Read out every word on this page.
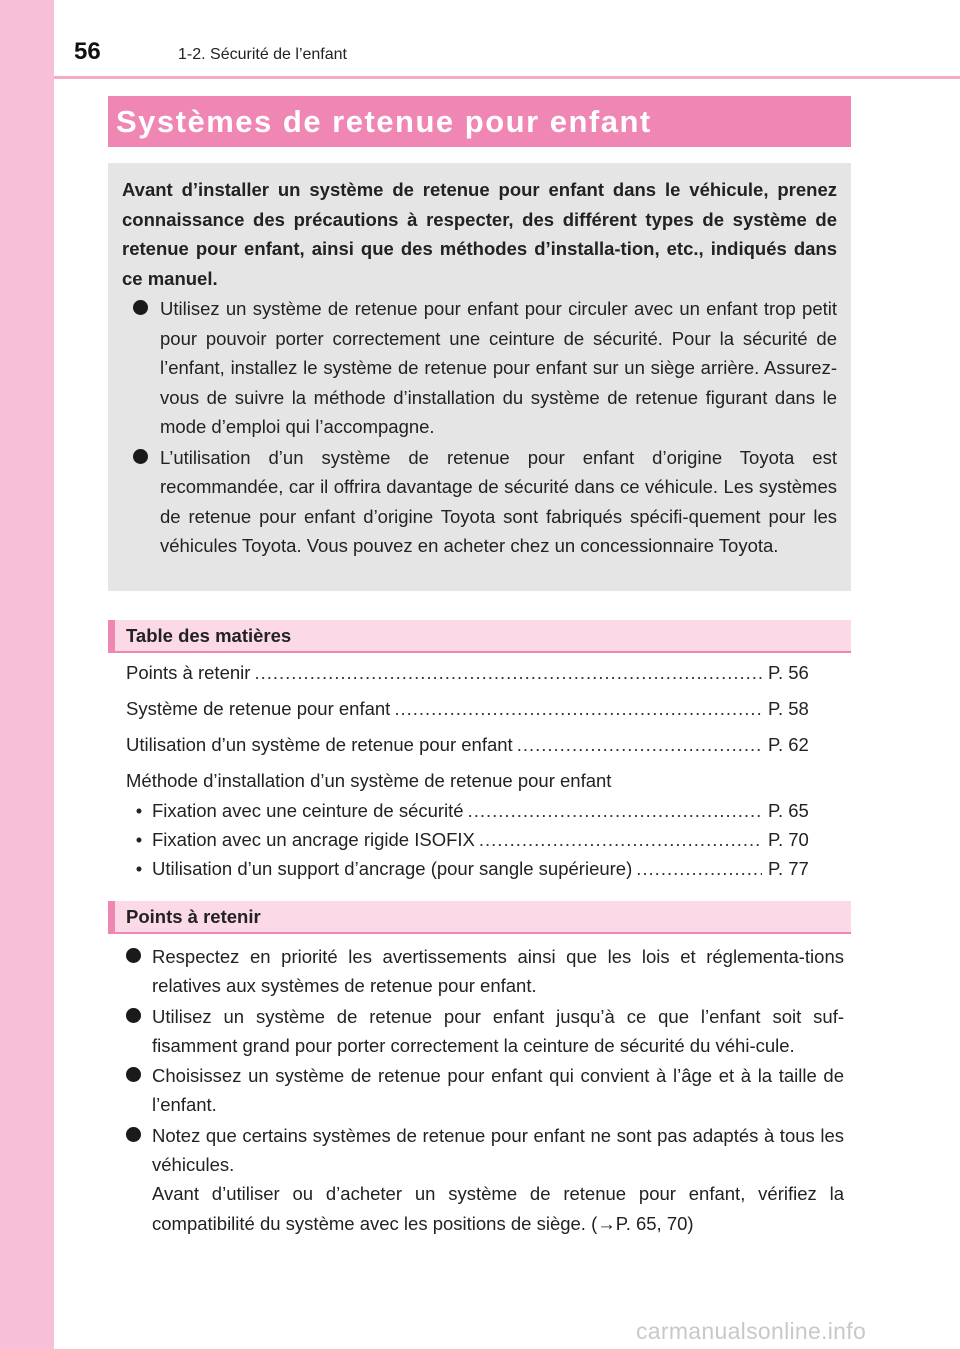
56	1-2. Sécurité de l’enfant
Systèmes de retenue pour enfant

Avant d’installer un système de retenue pour enfant dans le véhicule, prenez connaissance des précautions à respecter, des différent types de système de retenue pour enfant, ainsi que des méthodes d’installa-tion, etc., indiqués dans ce manuel.

Utilisez un système de retenue pour enfant pour circuler avec un enfant trop petit pour pouvoir porter correctement une ceinture de sécurité. Pour la sécurité de l’enfant, installez le système de retenue pour enfant sur un siège arrière. Assurez-vous de suivre la méthode d’installation du système de retenue figurant dans le mode d’emploi qui l’accompagne.
L’utilisation d’un système de retenue pour enfant d’origine Toyota est recommandée, car il offrira davantage de sécurité dans ce véhicule. Les systèmes de retenue pour enfant d’origine Toyota sont fabriqués spécifi-quement pour les véhicules Toyota. Vous pouvez en acheter chez un concessionnaire Toyota.
Table des matières
Points à retenir .....	P. 56
Système de retenue pour enfant .....	P. 58
Utilisation d’un système de retenue pour enfant .....	P. 62
Méthode d’installation d’un système de retenue pour enfant
• Fixation avec une ceinture de sécurité .....	P. 65
• Fixation avec un ancrage rigide ISOFIX .....	P. 70
• Utilisation d’un support d’ancrage (pour sangle supérieure) .....	P. 77
Points à retenir
Respectez en priorité les avertissements ainsi que les lois et réglementa-tions relatives aux systèmes de retenue pour enfant.
Utilisez un système de retenue pour enfant jusqu’à ce que l’enfant soit suf-fisamment grand pour porter correctement la ceinture de sécurité du véhi-cule.
Choisissez un système de retenue pour enfant qui convient à l’âge et à la taille de l’enfant.
Notez que certains systèmes de retenue pour enfant ne sont pas adaptés à tous les véhicules.

Avant d’utiliser ou d’acheter un système de retenue pour enfant, vérifiez la compatibilité du système avec les positions de siège. (→P. 65, 70)

carmanualsonline.info
